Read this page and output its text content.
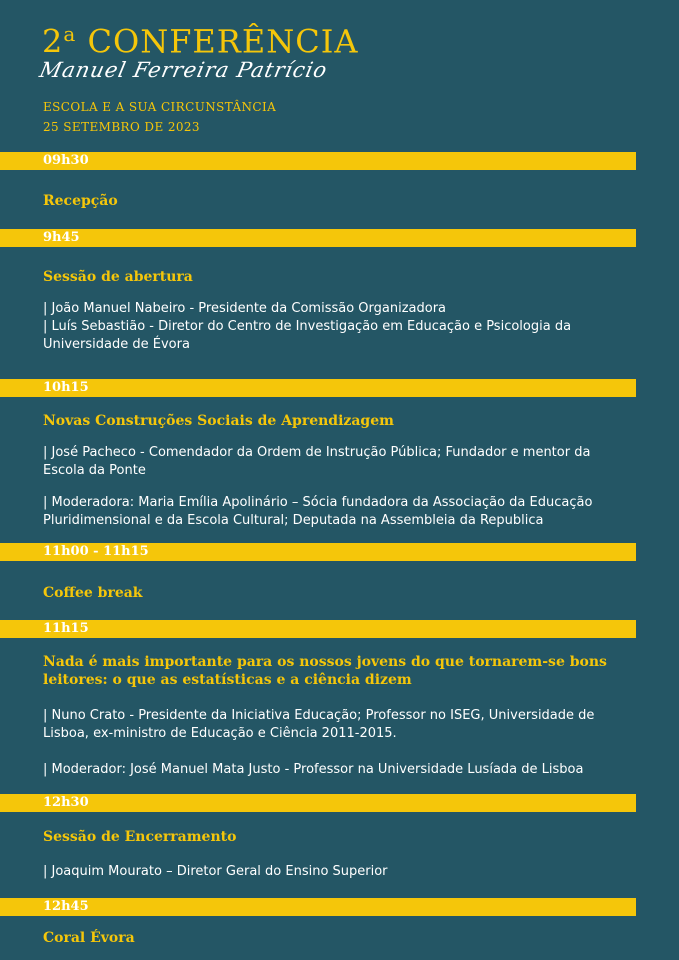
2$^a$ CONFERÊNCIA
Manuel Ferreira Patrício
ESCOLA E A SUA CIRCUNSTÂNCIA
25 SETEMBRO DE 2023
09h30
Recepção
9h45
Sessão de abertura
| João Manuel Nabeiro - Presidente da Comissão Organizadora
| Luís Sebastião - Diretor do Centro de Investigação em Educação e Psicologia da Universidade de Évora
10h15
Novas Construções Sociais de Aprendizagem
| José Pacheco - Comendador da Ordem de Instrução Pública; Fundador e mentor da Escola da Ponte
| Moderadora: Maria Emília Apolinário – Sócia fundadora da Associação da Educação Pluridimensional e da Escola Cultural; Deputada na Assembleia da Republica
11h00 - 11h15
Coffee break
11h15
Nada é mais importante para os nossos jovens do que tornarem-se bons leitores: o que as estatísticas e a ciência dizem
| Nuno Crato - Presidente da Iniciativa Educação; Professor no ISEG, Universidade de Lisboa, ex-ministro de Educação e Ciência 2011-2015.
| Moderador: José Manuel Mata Justo - Professor na Universidade Lusíada de Lisboa
12h30
Sessão de Encerramento
| Joaquim Mourato – Diretor Geral do Ensino Superior
12h45
Coral Évora
